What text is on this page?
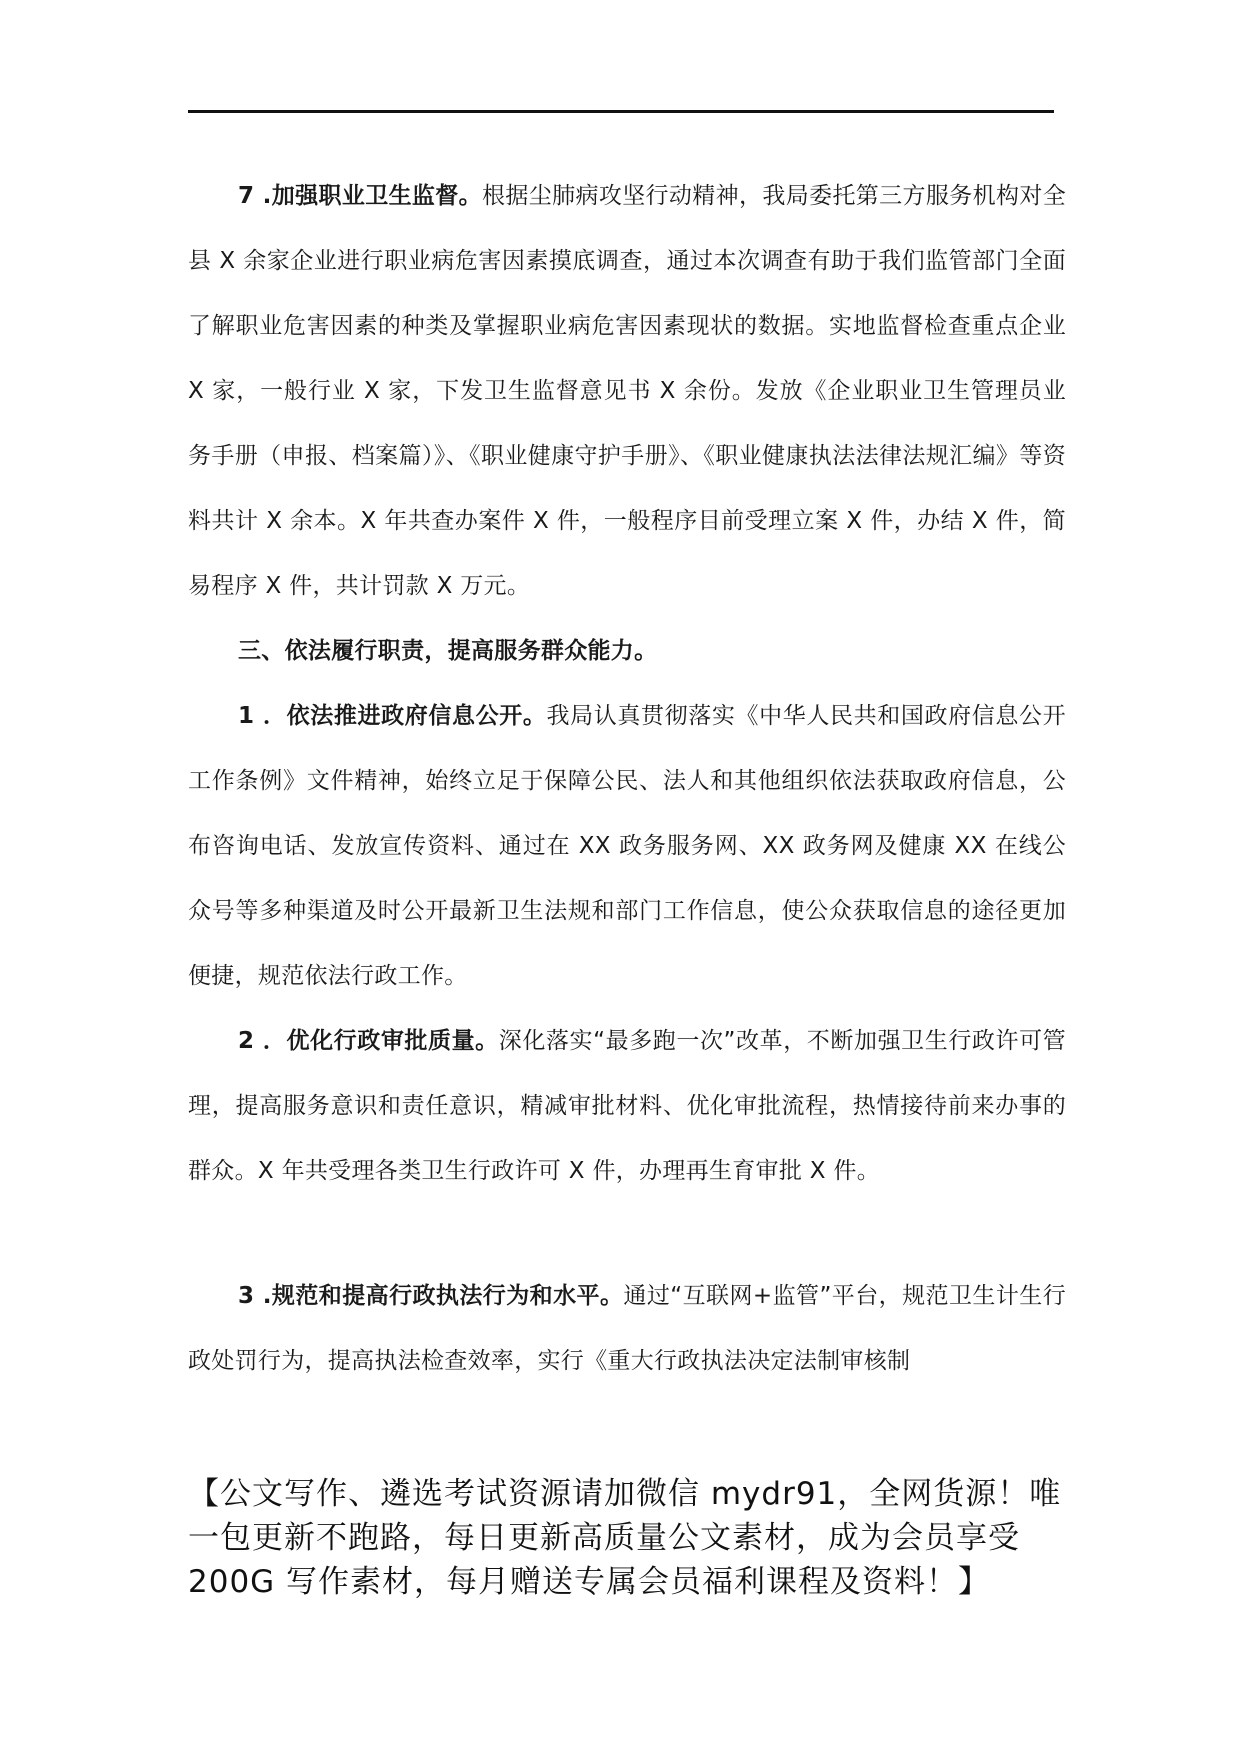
7 .加强职业卫生监督。根据尘肺病攻坚行动精神，我局委托第三方服务机构对全县 X 余家企业进行职业病危害因素摸底调查，通过本次调查有助于我们监管部门全面了解职业危害因素的种类及掌握职业病危害因素现状的数据。实地监督检查重点企业 X 家，一般行业 X 家，下发卫生监督意见书 X 余份。发放《企业职业卫生管理员业务手册（申报、档案篇）》、《职业健康守护手册》、《职业健康执法法律法规汇编》等资料共计 X 余本。X 年共查办案件 X 件，一般程序目前受理立案 X 件，办结 X 件，简易程序 X 件，共计罚款 X 万元。

三、依法履行职责，提高服务群众能力。

1 ．依法推进政府信息公开。我局认真贯彻落实《中华人民共和国政府信息公开工作条例》文件精神，始终立足于保障公民、法人和其他组织依法获取政府信息，公布咨询电话、发放宣传资料、通过在 XX 政务服务网、XX 政务网及健康 XX 在线公众号等多种渠道及时公开最新卫生法规和部门工作信息，使公众获取信息的途径更加便捷，规范依法行政工作。

2 ．优化行政审批质量。深化落实“最多跑一次”改革，不断加强卫生行政许可管理，提高服务意识和责任意识，精减审批材料、优化审批流程，热情接待前来办事的群众。X 年共受理各类卫生行政许可 X 件，办理再生育审批 X 件。

3 .规范和提高行政执法行为和水平。通过“互联网+监管”平台，规范卫生计生行政处罚行为，提高执法检查效率，实行《重大行政执法决定法制审核制

【公文写作、遴选考试资源请加微信 mydr91，全网货源！唯一包更新不跑路，每日更新高质量公文素材，成为会员享受 200G 写作素材，每月赠送专属会员福利课程及资料！】
